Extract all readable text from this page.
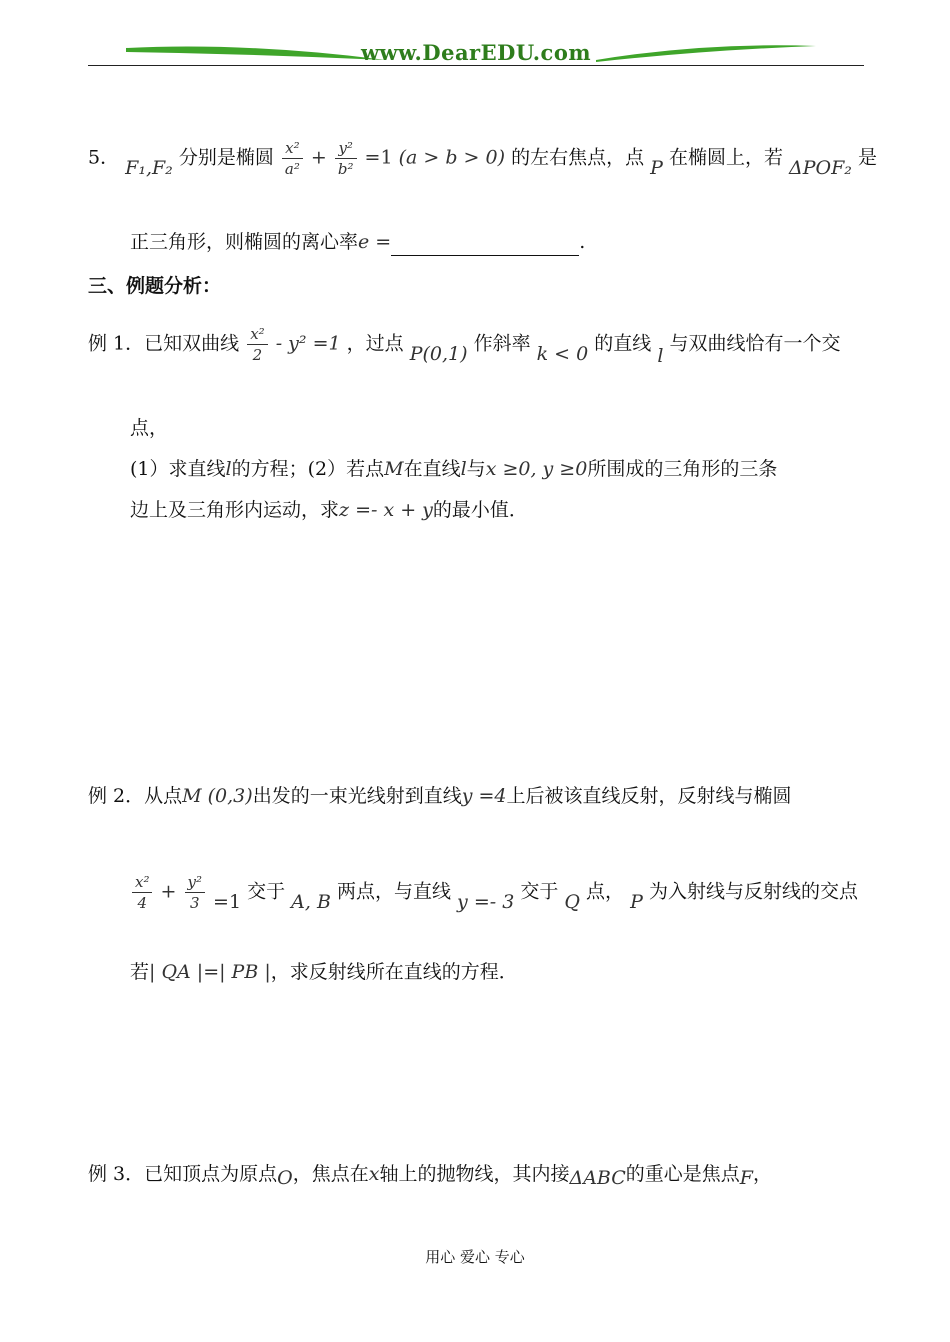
www.DearEDU.com
5． F₁,F₂ 分别是椭圆 $\frac{\text{x²}}{\text{a²}} + \frac{\text{y²}}{\text{b²}} =1$ (a > b > 0) 的左右焦点，点 P 在椭圆上，若 ΔPOF₂ 是
正三角形，则椭圆的离心率e =	.
三、例题分析：
例 1．已知双曲线 $\frac{\text{x²}}{2} - y^2 =1$ ，过点 P(0,1) 作斜率 k < 0 的直线 l 与双曲线恰有一个交
点，
(1）求直线l的方程；(2）若点M在直线l与x ≥0, y ≥0所围成的三角形的三条
边上及三角形内运动，求z =- x + y的最小值．
例 2．从点M (0,3)出发的一束光线射到直线y =4上后被该直线反射，反射线与椭圆
$\frac{\text{x²}}{4} + \frac{\text{y²}}{3} =1$ 交于 A, B 两点，与直线 y =- 3 交于 Q 点， P 为入射线与反射线的交点
若| QA |=| PB |，求反射线所在直线的方程．
例 3．已知顶点为原点O，焦点在x轴上的抛物线，其内接ΔABC的重心是焦点F，
用心 爱心 专心
